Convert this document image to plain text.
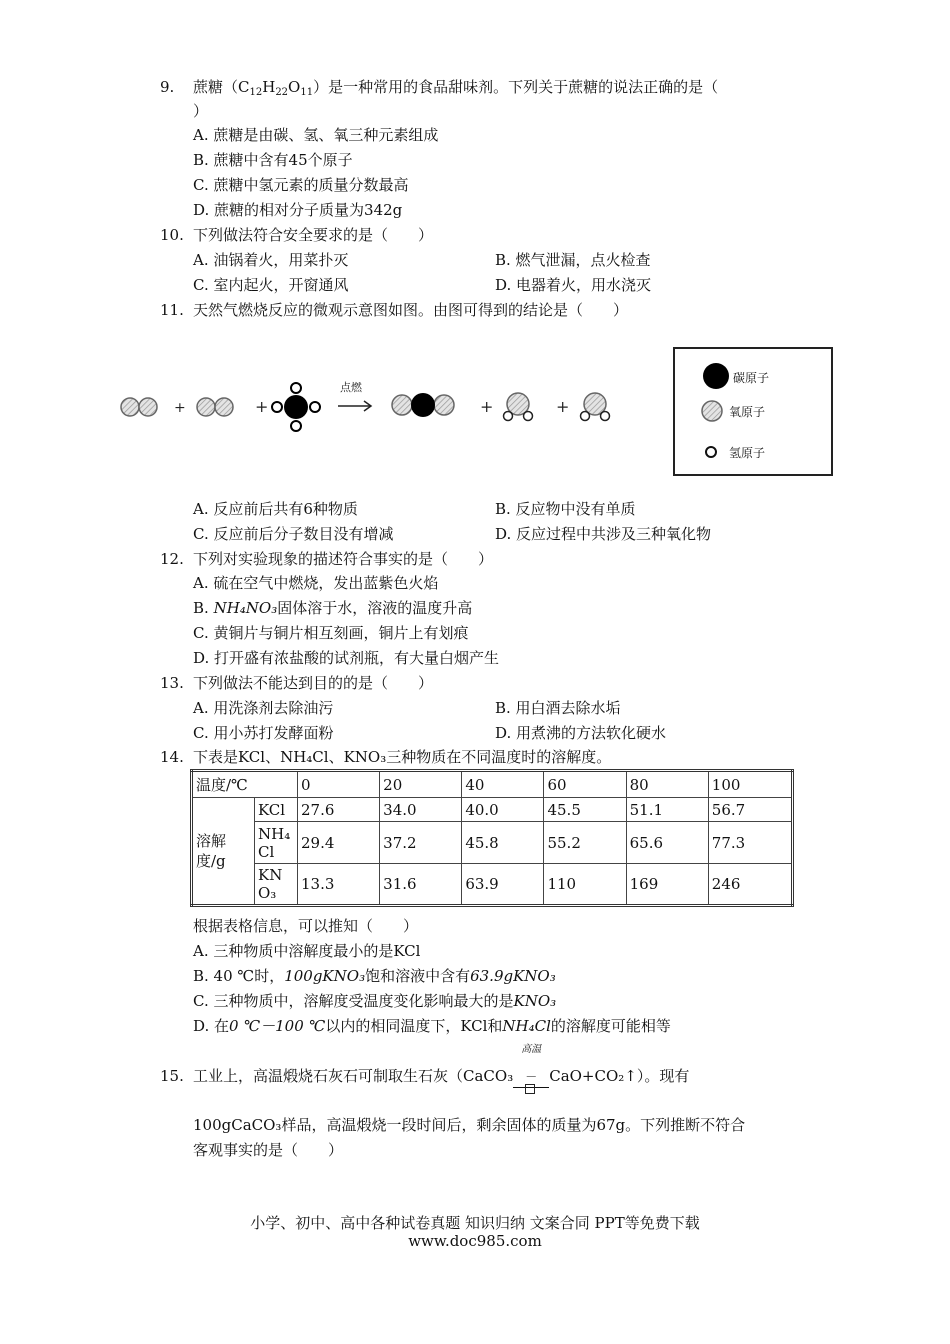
9. 蔗糖$(C_{12}H_{22}O_{11})$是一种常用的食品甜味剂。下列关于蔗糖的说法正确的是（
）
A. 蔗糖是由碳、氢、氧三种元素组成
B. 蔗糖中含有45个原子
C. 蔗糖中氢元素的质量分数最高
D. 蔗糖的相对分子质量为342g
10. 下列做法符合安全要求的是（　　）
A. 油锅着火，用菜扑灭	B. 燃气泄漏，点火检查
C. 室内起火，开窗通风	D. 电器着火，用水浇灭
11. 天然气燃烧反应的微观示意图如图。由图可得到的结论是（　　）
+	+
点燃
+	+
碳原子
氧原子
氢原子
A. 反应前后共有6种物质	B. 反应物中没有单质
C. 反应前后分子数目没有增减	D. 反应过程中共涉及三种氧化物
12. 下列对实验现象的描述符合事实的是（　　）
A. 硫在空气中燃烧，发出蓝紫色火焰
B. NH₄NO₃固体溶于水，溶液的温度升高
C. 黄铜片与铜片相互刻画，铜片上有划痕
D. 打开盛有浓盐酸的试剂瓶，有大量白烟产生
13. 下列做法不能达到目的的是（　　）
A. 用洗涤剂去除油污	B. 用白酒去除水垢
C. 用小苏打发酵面粉	D. 用煮沸的方法软化硬水
14. 下表是KCl、NH₄Cl、KNO₃三种物质在不同温度时的溶解度。
温度/℃		0	20	40	60	80	100
溶解度/g	KCl	27.6	34.0	40.0	45.5	51.1	56.7
	NH₄Cl	29.4	37.2	45.8	55.2	65.6	77.3
	KNO₃	13.3	31.6	63.9	110	169	246
根据表格信息，可以推知（　　）
A. 三种物质中溶解度最小的是KCl
B. 40 ℃时，100gKNO₃饱和溶液中含有63.9gKNO₃
C. 三种物质中，溶解度受温度变化影响最大的是KNO₃
D. 在0 ℃－100 ℃以内的相同温度下，KCl和NH₄Cl的溶解度可能相等
15. 工业上，高温煅烧石灰石可制取生石灰（CaCO₃
高温
－ CaO+CO₂↑）。现有
100gCaCO₃样品，高温煅烧一段时间后，剩余固体的质量为67g。下列推断不符合
客观事实的是（　　）
小学、初中、高中各种试卷真题 知识归纳 文案合同 PPT等免费下载
www.doc985.com
